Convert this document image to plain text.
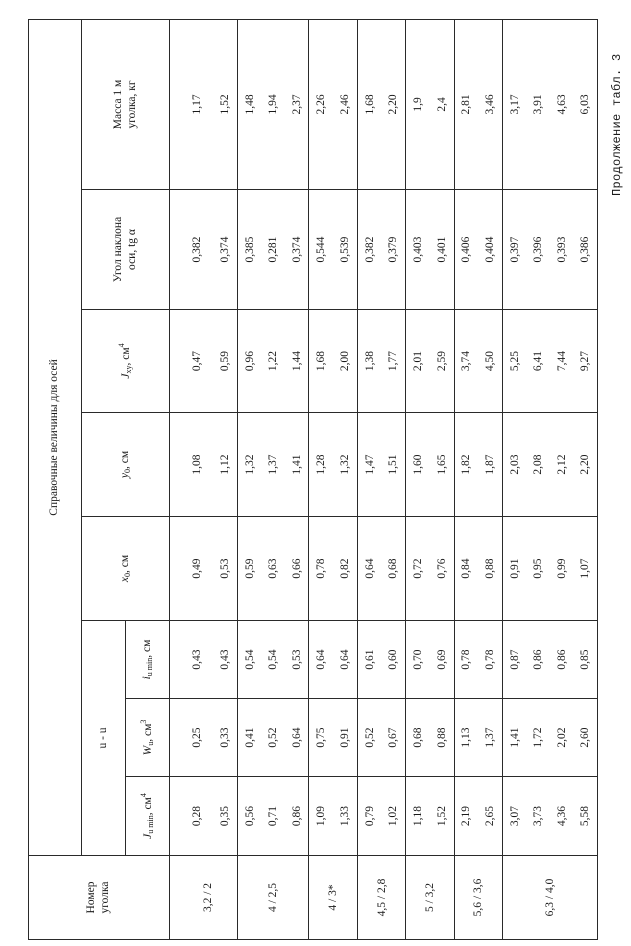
Продолжение табл. 3
Номер уголка	Справочные величины для осей							
	u - u			$x_0$, см	$y_0$, см	$J_{xy}$, $см^4$	Угол наклона оси, tg α	Масса 1 м уголка, кг
	$J_{u min}$, $см^4$	$W_u$, $см^3$	$i_{u min}$, см					
3,2 / 2	0,28	0,25	0,43	0,49	1,08	0,47	0,382	1,17
	0,35	0,33	0,43	0,53	1,12	0,59	0,374	1,52
4 / 2,5	0,56	0,41	0,54	0,59	1,32	0,96	0,385	1,48
	0,71	0,52	0,54	0,63	1,37	1,22	0,281	1,94
	0,86	0,64	0,53	0,66	1,41	1,44	0,374	2,37
4 / 3*	1,09	0,75	0,64	0,78	1,28	1,68	0,544	2,26
	1,33	0,91	0,64	0,82	1,32	2,00	0,539	2,46
4,5 / 2,8	0,79	0,52	0,61	0,64	1,47	1,38	0,382	1,68
	1,02	0,67	0,60	0,68	1,51	1,77	0,379	2,20
5 / 3,2	1,18	0,68	0,70	0,72	1,60	2,01	0,403	1,9
	1,52	0,88	0,69	0,76	1,65	2,59	0,401	2,4
5,6 / 3,6	2,19	1,13	0,78	0,84	1,82	3,74	0,406	2,81
	2,65	1,37	0,78	0,88	1,87	4,50	0,404	3,46
6,3 / 4,0	3,07	1,41	0,87	0,91	2,03	5,25	0,397	3,17
	3,73	1,72	0,86	0,95	2,08	6,41	0,396	3,91
	4,36	2,02	0,86	0,99	2,12	7,44	0,393	4,63
	5,58	2,60	0,85	1,07	2,20	9,27	0,386	6,03
